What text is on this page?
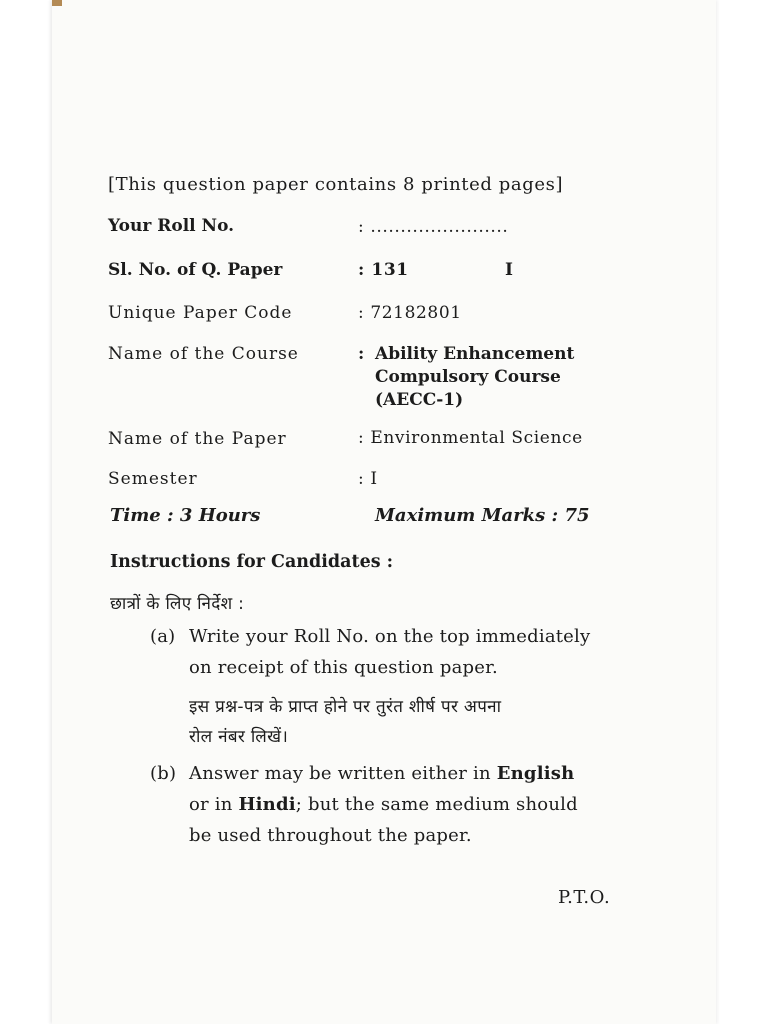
[This question paper contains 8 printed pages]
Your Roll No.	: .......................
Sl. No. of Q. Paper	: 131	I
Unique Paper Code	: 72182801
Name of the Course	: Ability Enhancement
Compulsory Course
(AECC-1)
Name of the Paper	: Environmental Science
Semester	: I
Time : 3 Hours	Maximum Marks : 75
Instructions for Candidates :
छात्रों के लिए निर्देश :
(a) Write your Roll No. on the top immediately
on receipt of this question paper.
इस प्रश्न-पत्र के प्राप्त होने पर तुरंत शीर्ष पर अपना
रोल नंबर लिखें।
(b) Answer may be written either in English
or in Hindi; but the same medium should
be used throughout the paper.
P.T.O.
